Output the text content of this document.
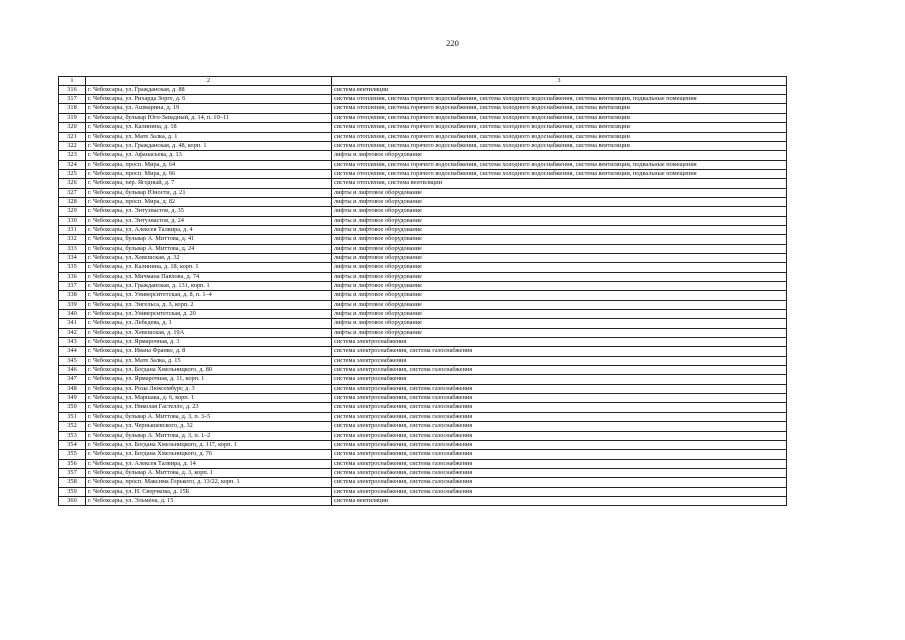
220
1	2	3
316	г. Чебоксары, ул. Гражданская, д. 88	система вентиляции
317	г. Чебоксары, ул. Рихарда Зорге, д. 6	система отопления, система горячего водоснабжения, система холодного водоснабжения, система вентиляции, подвальные помещения
318	г. Чебоксары, ул. Ашмарина, д. 19	система отопления, система горячего водоснабжения, система холодного водоснабжения, система вентиляции
319	г. Чебоксары, бульвар Юго-Западный, д. 14, п. 10–11	система отопления, система горячего водоснабжения, система холодного водоснабжения, система вентиляции
320	г. Чебоксары, ул. Калинина, д. 18	система отопления, система горячего водоснабжения, система холодного водоснабжения, система вентиляции
321	г. Чебоксары, ул. Мате Залка, д. 1	система отопления, система горячего водоснабжения, система холодного водоснабжения, система вентиляции
322	г. Чебоксары, ул. Гражданская, д. 48, корп. 1	система отопления, система горячего водоснабжения, система холодного водоснабжения, система вентиляции
323	г. Чебоксары, ул. Афанасьева, д. 13	лифты и лифтовое оборудование
324	г. Чебоксары, просп. Мира, д. 64	система отопления, система горячего водоснабжения, система холодного водоснабжения, система вентиляции, подвальные помещения
325	г. Чебоксары, просп. Мира, д. 66	система отопления, система горячего водоснабжения, система холодного водоснабжения, система вентиляции, подвальные помещения
326	г. Чебоксары, пер. Ягодный, д. 7	система отопления, система вентиляции
327	г. Чебоксары, бульвар Юности, д. 21	лифты и лифтовое оборудование
328	г. Чебоксары, просп. Мира, д. 82	лифты и лифтовое оборудование
329	г. Чебоксары, ул. Энтузиастов, д. 35	лифты и лифтовое оборудование
330	г. Чебоксары, ул. Энтузиастов, д. 24	лифты и лифтовое оборудование
331	г. Чебоксары, ул. Алексея Талвира, д. 4	лифты и лифтовое оборудование
332	г. Чебоксары, бульвар А. Миттова, д. 41	лифты и лифтовое оборудование
333	г. Чебоксары, бульвар А. Миттова, д. 24	лифты и лифтовое оборудование
334	г. Чебоксары, ул. Хевешская, д. 32	лифты и лифтовое оборудование
335	г. Чебоксары, ул. Калинина, д. 18, корп. 1	лифты и лифтовое оборудование
336	г. Чебоксары, ул. Мичмана Павлова, д. 74	лифты и лифтовое оборудование
337	г. Чебоксары, ул. Гражданская, д. 131, корп. 1	лифты и лифтовое оборудование
338	г. Чебоксары, ул. Университетская, д. 8, п. 1–4	лифты и лифтовое оборудование
339	г. Чебоксары, ул. Энгельса, д. 3, корп. 2	лифты и лифтовое оборудование
340	г. Чебоксары, ул. Университетская, д. 20	лифты и лифтовое оборудование
341	г. Чебоксары, ул. Лебедева, д. 1	лифты и лифтовое оборудование
342	г. Чебоксары, ул. Хевешская, д. 19А	лифты и лифтовое оборудование
343	г. Чебоксары, ул. Ярмарочная, д. 3	система электроснабжения
344	г. Чебоксары, ул. Ивана Франко, д. 8	система электроснабжения, система газоснабжения
345	г. Чебоксары, ул. Мате Залка, д. 15	система электроснабжения
346	г. Чебоксары, ул. Богдана Хмельницкого, д. 80	система электроснабжения, система газоснабжения
347	г. Чебоксары, ул. Ярмарочная, д. 11, корп. 1	система электроснабжения
348	г. Чебоксары, ул. Розы Люксембург, д. 3	система электроснабжения, система газоснабжения
349	г. Чебоксары, ул. Маршака, д. 6, корп. 1	система электроснабжения, система газоснабжения
350	г. Чебоксары, ул. Николая Гастелло, д. 23	система электроснабжения, система газоснабжения
351	г. Чебоксары, бульвар А. Миттова, д. 3, п. 3–5	система электроснабжения, система газоснабжения
352	г. Чебоксары, ул. Чернышевского, д. 32	система электроснабжения, система газоснабжения
353	г. Чебоксары, бульвар А. Миттова, д. 3, п. 1–2	система электроснабжения, система газоснабжения
354	г. Чебоксары, ул. Богдана Хмельницкого, д. 117, корп. 1	система электроснабжения, система газоснабжения
355	г. Чебоксары, ул. Богдана Хмельницкого, д. 76	система электроснабжения, система газоснабжения
356	г. Чебоксары, ул. Алексея Талвира, д. 14	система электроснабжения, система газоснабжения
357	г. Чебоксары, бульвар А. Миттова, д. 3, корп. 1	система электроснабжения, система газоснабжения
358	г. Чебоксары, просп. Максима Горького, д. 13/22, корп. 1	система электроснабжения, система газоснабжения
359	г. Чебоксары, ул. Н. Сверчкова, д. 15Б	система электроснабжения, система газоснабжения
360	г. Чебоксары, ул. Эльмена, д. 15	система вентиляции
